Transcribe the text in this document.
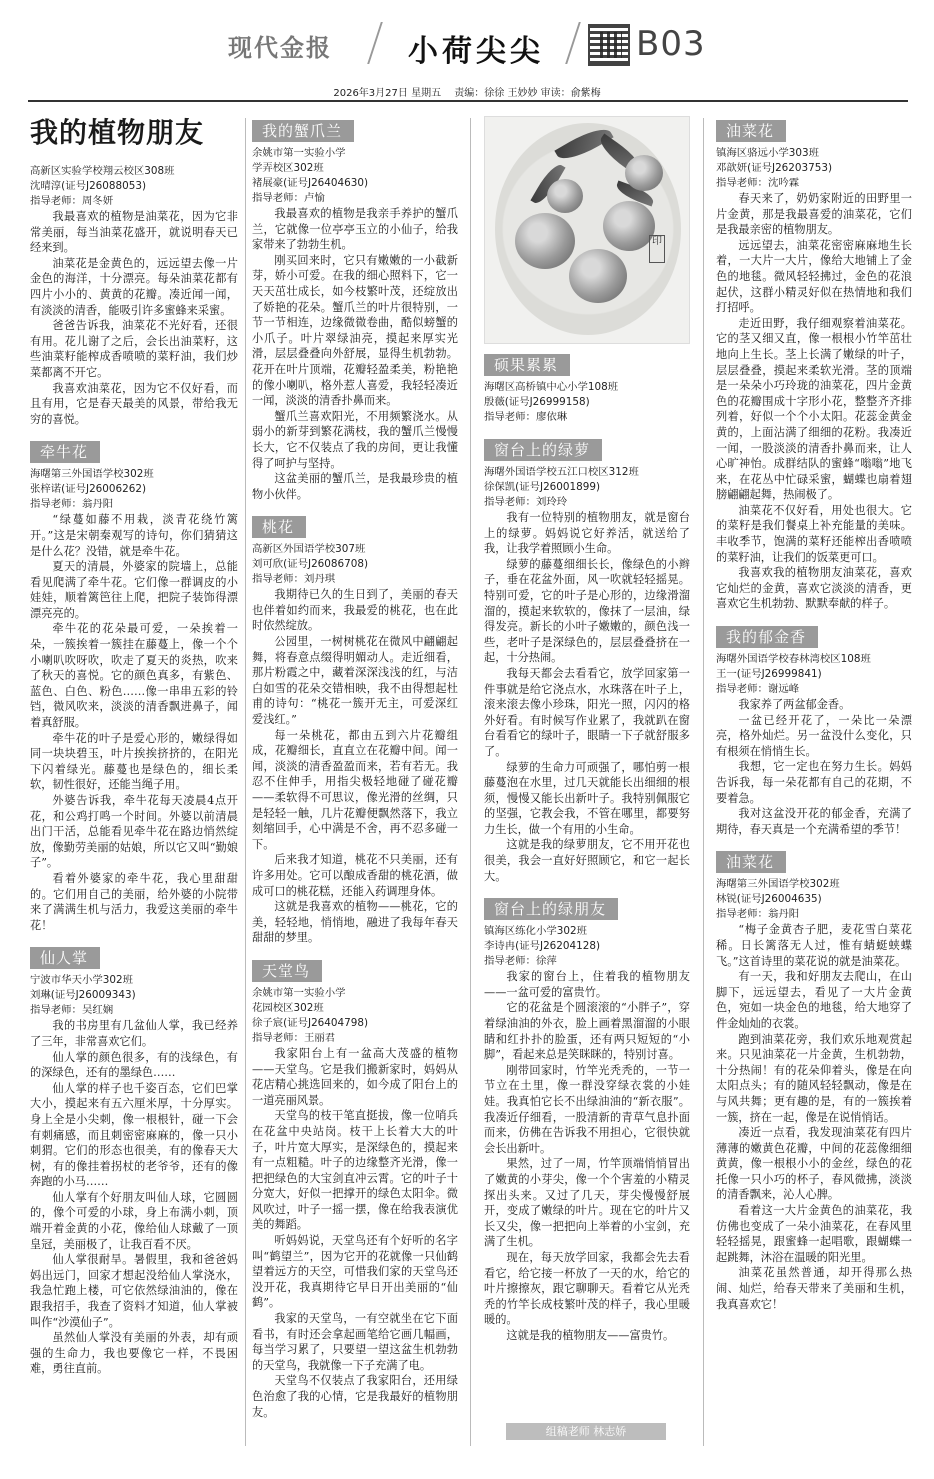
现代金报	小荷尖尖	B03
2026年3月27日 星期五 责编：徐徐 王妙妙 审读：俞紫梅
我的植物朋友
高新区实验学校翔云校区308班
沈晴淳(证号J26088053)
指导老师：周冬妍

我最喜欢的植物是油菜花，因为它非常美丽，每当油菜花盛开，就说明春天已经来到。

油菜花是金黄色的，远远望去像一片金色的海洋，十分漂亮。每朵油菜花都有四片小小的、黄黄的花瓣。凑近闻一闻，有淡淡的清香，能吸引许多蜜蜂来采蜜。

爸爸告诉我，油菜花不光好看，还很有用。花儿谢了之后，会长出油菜籽，这些油菜籽能榨成香喷喷的菜籽油，我们炒菜都离不开它。

我喜欢油菜花，因为它不仅好看，而且有用，它是春天最美的风景，带给我无穷的喜悦。

牵牛花

海曙第三外国语学校302班
张梓诺(证号J26006262)
指导老师：翁丹阳

“绿蔓如藤不用栽，淡青花绕竹篱开。”这是宋朝秦观写的诗句，你们猜猜这是什么花？没错，就是牵牛花。

夏天的清晨，外婆家的院墙上，总能看见爬满了牵牛花。它们像一群调皮的小娃娃，顺着篱笆往上爬，把院子装饰得漂漂亮亮的。

牵牛花的花朵最可爱，一朵挨着一朵，一簇挨着一簇挂在藤蔓上，像一个个小喇叭吹呀吹，吹走了夏天的炎热，吹来了秋天的喜悦。它的颜色真多，有紫色、蓝色、白色、粉色……像一串串五彩的铃铛，微风吹来，淡淡的清香飘进鼻子，闻着真舒服。

牵牛花的叶子是爱心形的，嫩绿得如同一块块碧玉，叶片挨挨挤挤的，在阳光下闪着绿光。藤蔓也是绿色的，细长柔软，韧性很好，还能当绳子用。

外婆告诉我，牵牛花每天凌晨4点开花，和公鸡打鸣一个时间。外婆以前清晨出门干活，总能看见牵牛花在路边悄然绽放，像勤劳美丽的姑娘，所以它又叫“勤娘子”。

看着外婆家的牵牛花，我心里甜甜的。它们用自己的美丽，给外婆的小院带来了满满生机与活力，我爱这美丽的牵牛花！

仙人掌

宁波市华天小学302班
刘琳(证号J26009343)
指导老师：吴红娴

我的书房里有几盆仙人掌，我已经养了三年，非常喜欢它们。

仙人掌的颜色很多，有的浅绿色，有的深绿色，还有的墨绿色……

仙人掌的样子也千姿百态，它们巴掌大小，摸起来有五六厘米厚，十分厚实。身上全是小尖刺，像一根根针，碰一下会有刺痛感，而且刺密密麻麻的，像一只小刺猬。它们的形态也很美，有的像春天大树，有的像挂着拐杖的老爷爷，还有的像奔跑的小马……

仙人掌有个好朋友叫仙人球，它圆圆的，像个可爱的小球，身上布满小刺，顶端开着金黄的小花，像给仙人球戴了一顶皇冠，美丽极了，让我百看不厌。

仙人掌很耐旱。暑假里，我和爸爸妈妈出远门，回家才想起没给仙人掌浇水，我急忙跑上楼，可它依然绿油油的，像在跟我招手，我查了资料才知道，仙人掌被叫作“沙漠仙子”。

虽然仙人掌没有美丽的外表，却有顽强的生命力，我也要像它一样，不畏困难，勇往直前。

我的蟹爪兰

余姚市第一实验小学
学弄校区302班
褚展豪(证号J26404630)
指导老师：卢愉

我最喜欢的植物是我亲手养护的蟹爪兰，它就像一位亭亭玉立的小仙子，给我家带来了勃勃生机。

刚买回来时，它只有嫩嫩的一小截新芽，娇小可爱。在我的细心照料下，它一天天茁壮成长，如今枝繁叶茂，还绽放出了娇艳的花朵。蟹爪兰的叶片很特别，一节一节相连，边缘微微卷曲，酷似螃蟹的小爪子。叶片翠绿油亮，摸起来厚实光滑，层层叠叠向外舒展，显得生机勃勃。花开在叶片顶端，花瓣轻盈柔美，粉艳艳的像小喇叭，格外惹人喜爱，我轻轻凑近一闻，淡淡的清香扑鼻而来。

蟹爪兰喜欢阳光，不用频繁浇水。从弱小的新芽到繁花满枝，我的蟹爪兰慢慢长大，它不仅装点了我的房间，更让我懂得了呵护与坚持。

这盆美丽的蟹爪兰，是我最珍贵的植物小伙伴。

桃花

高新区外国语学校307班
刘可欣(证号J26086708)
指导老师：刘丹琪

我期待已久的生日到了，美丽的春天也伴着如约而来，我最爱的桃花，也在此时依然绽放。

公园里，一树树桃花在微风中翩翩起舞，将春意点缀得明媚动人。走近细看，那片粉霞之中，藏着深深浅浅的红，与洁白如雪的花朵交错相映，我不由得想起杜甫的诗句：“桃花一簇开无主，可爱深红爱浅红。”

每一朵桃花，都由五到六片花瓣组成，花瓣细长，直直立在花瓣中间。闻一闻，淡淡的清香盈盈而来，若有若无。我忍不住伸手，用指尖极轻地碰了碰花瓣——柔软得不可思议，像光滑的丝绸，只是轻轻一触，几片花瓣便飘然落下，我立刻缩回手，心中满是不舍，再不忍多碰一下。

后来我才知道，桃花不只美丽，还有许多用处。它可以酿成香甜的桃花酒，做成可口的桃花糕，还能入药调理身体。

这就是我喜欢的植物——桃花，它的美，轻轻地，悄悄地，融进了我每年春天甜甜的梦里。

天堂鸟

余姚市第一实验小学
花园校区302班
徐子宸(证号J26404798)
指导老师：王丽君

我家阳台上有一盆高大茂盛的植物——天堂鸟。它是我们搬新家时，妈妈从花店精心挑选回来的，如今成了阳台上的一道亮丽风景。

天堂鸟的枝干笔直挺拔，像一位哨兵在花盆中央站岗。枝干上长着大大的叶子，叶片宽大厚实，是深绿色的，摸起来有一点粗糙。叶子的边缘整齐光滑，像一把把绿色的大宝剑直冲云霄。它的叶子十分宽大，好似一把撑开的绿色太阳伞。微风吹过，叶子一摇一摆，像在给我表演优美的舞蹈。

听妈妈说，天堂鸟还有个好听的名字叫“鹤望兰”，因为它开的花就像一只仙鹤望着远方的天空，可惜我们家的天堂鸟还没开花，我真期待它早日开出美丽的“仙鹤”。

我家的天堂鸟，一有空就坐在它下面看书，有时还会拿起画笔给它画几幅画，每当学习累了，只要望一望这盆生机勃勃的天堂鸟，我就像一下子充满了电。

天堂鸟不仅装点了我家阳台，还用绿色治愈了我的心情，它是我最好的植物朋友。

印
硕果累累

海曙区高桥镇中心小学108班
殷薇(证号J26999158)
指导老师：廖依琳
窗台上的绿萝

海曙外国语学校五江口校区312班
徐保凯(证号J26001899)
指导老师：刘玲玲

我有一位特别的植物朋友，就是窗台上的绿萝。妈妈说它好养活，就送给了我，让我学着照顾小生命。

绿萝的藤蔓细细长长，像绿色的小辫子，垂在花盆外面，风一吹就轻轻摇晃。特别可爱，它的叶子是心形的，边缘滑溜溜的，摸起来软软的，像抹了一层油，绿得发亮。新长的小叶子嫩嫩的，颜色浅一些，老叶子是深绿色的，层层叠叠挤在一起，十分热闹。

我每天都会去看看它，放学回家第一件事就是给它浇点水，水珠落在叶子上，滚来滚去像小珍珠，阳光一照，闪闪的格外好看。有时候写作业累了，我就趴在窗台看看它的绿叶子，眼睛一下子就舒服多了。

绿萝的生命力可顽强了，哪怕剪一根藤蔓泡在水里，过几天就能长出细细的根须，慢慢又能长出新叶子。我特别佩服它的坚强，它教会我，不管在哪里，都要努力生长，做一个有用的小生命。

这就是我的绿萝朋友，它不用开花也很美，我会一直好好照顾它，和它一起长大。

窗台上的绿朋友

镇海区练化小学302班
李诗冉(证号J26204128)
指导老师：徐萍

我家的窗台上，住着我的植物朋友——一盆可爱的富贵竹。

它的花盆是个圆滚滚的“小胖子”，穿着绿油油的外衣，脸上画着黑溜溜的小眼睛和红扑扑的脸蛋，还有两只短短的“小脚”，看起来总是笑眯眯的，特别讨喜。

刚带回家时，竹竿光秃秃的，一节一节立在土里，像一群没穿绿衣裳的小娃娃。我真怕它长不出绿油油的“新衣服”。我凑近仔细看，一股清新的青草气息扑面而来，仿佛在告诉我不用担心，它很快就会长出新叶。

果然，过了一周，竹竿顶端悄悄冒出了嫩黄的小芽尖，像一个个害羞的小精灵探出头来。又过了几天，芽尖慢慢舒展开，变成了嫩绿的叶片。现在它的叶片又长又尖，像一把把向上举着的小宝剑，充满了生机。

现在，每天放学回家，我都会先去看看它，给它接一杯放了一天的水，给它的叶片擦擦灰，跟它聊聊天。看着它从光秃秃的竹竿长成枝繁叶茂的样子，我心里暖暖的。

这就是我的植物朋友——富贵竹。

油菜花

镇海区骆远小学303班
邓歆妍(证号J26203753)
指导老师：沈吟霖

春天来了，奶奶家附近的田野里一片金黄，那是我最喜爱的油菜花，它们是我最亲密的植物朋友。

远远望去，油菜花密密麻麻地生长着，一大片一大片，像给大地铺上了金色的地毯。微风轻轻拂过，金色的花浪起伏，这群小精灵好似在热情地和我们打招呼。

走近田野，我仔细观察着油菜花。它的茎又细又直，像一根根小竹竿茁壮地向上生长。茎上长满了嫩绿的叶子，层层叠叠，摸起来柔软光滑。茎的顶端是一朵朵小巧玲珑的油菜花，四片金黄色的花瓣围成十字形小花，整整齐齐排列着，好似一个个小太阳。花蕊金黄金黄的，上面沾满了细细的花粉。我凑近一闻，一股淡淡的清香扑鼻而来，让人心旷神怡。成群结队的蜜蜂“嗡嗡”地飞来，在花丛中忙碌采蜜，蝴蝶也扇着翅膀翩翩起舞，热闹极了。

油菜花不仅好看，用处也很大。它的菜籽是我们餐桌上补充能量的美味。丰收季节，饱满的菜籽还能榨出香喷喷的菜籽油，让我们的饭菜更可口。

我喜欢我的植物朋友油菜花，喜欢它灿烂的金黄，喜欢它淡淡的清香，更喜欢它生机勃勃、默默奉献的样子。

我的郁金香

海曙外国语学校春林湾校区108班
王一(证号J26999841)
指导老师：谢远峰

我家养了两盆郁金香。

一盆已经开花了，一朵比一朵漂亮，格外灿烂。另一盆没什么变化，只有根须在悄悄生长。

我想，它一定也在努力生长。妈妈告诉我，每一朵花都有自己的花期，不要着急。

我对这盆没开花的郁金香，充满了期待，春天真是一个充满希望的季节！

油菜花

海曙第三外国语学校302班
林锐(证号J26004635)
指导老师：翁丹阳

“梅子金黄杏子肥，麦花雪白菜花稀。日长篱落无人过，惟有蜻蜓蛱蝶飞。”这首诗里的菜花说的就是油菜花。

有一天，我和好朋友去爬山，在山脚下，远远望去，看见了一大片金黄色，宛如一块金色的地毯，给大地穿了件金灿灿的衣裳。

跑到油菜花旁，我们欢乐地观赏起来。只见油菜花一片金黄，生机勃勃，十分热闹！有的花朵仰着头，像是在向太阳点头；有的随风轻轻飘动，像是在与风共舞；更有趣的是，有的一簇挨着一簇，挤在一起，像是在说悄悄话。

凑近一点看，我发现油菜花有四片薄薄的嫩黄色花瓣，中间的花蕊像细细黄黄，像一根根小小的金丝，绿色的花托像一只小巧的杯子，春风微拂，淡淡的清香飘来，沁人心脾。

看着这一大片金黄色的油菜花，我仿佛也变成了一朵小油菜花，在春风里轻轻摇晃，跟蜜蜂一起唱歌，跟蝴蝶一起跳舞，沐浴在温暖的阳光里。

油菜花虽然普通，却开得那么热闹、灿烂，给春天带来了美丽和生机，我真喜欢它！

组稿老师 林志娇
